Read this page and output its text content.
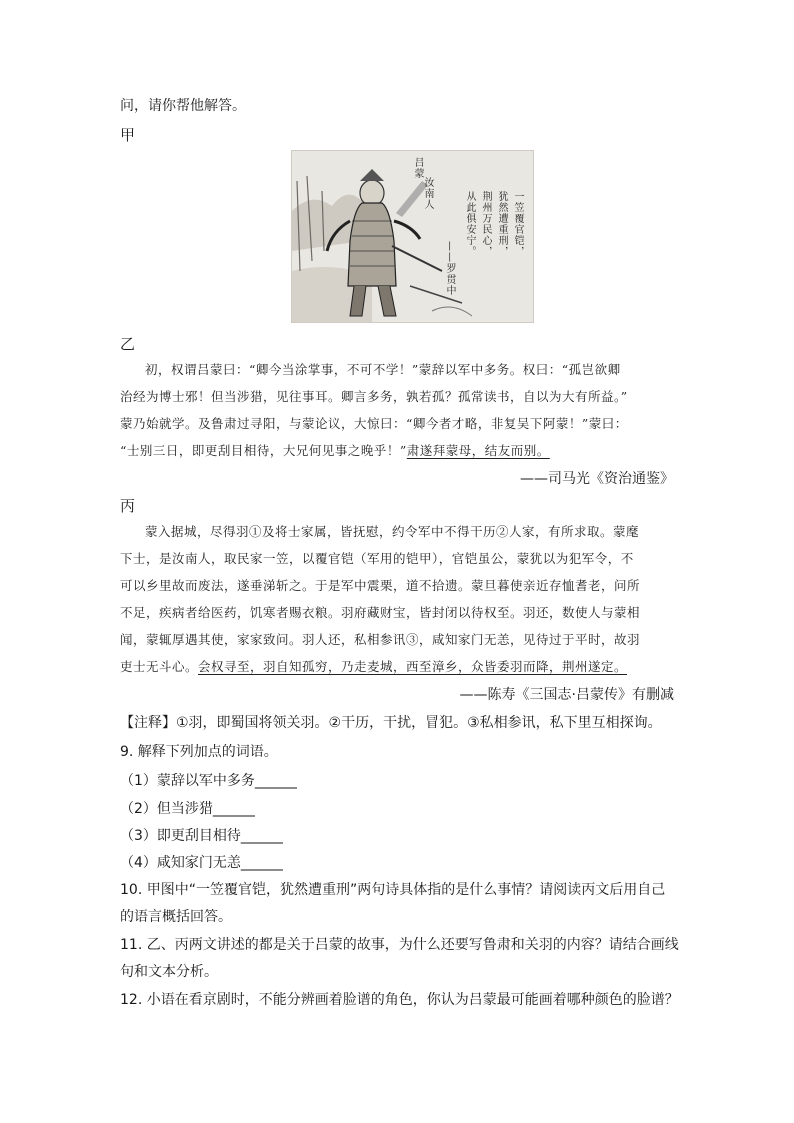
问，请你帮他解答。
甲
吕蒙
汝南人	一笠覆官铠，
犹然遭重刑，
荆州万民心，
从此俱安宁。
——罗贯中
乙
初，权谓吕蒙曰：“卿今当涂掌事，不可不学！”蒙辞以军中多务。权曰：“孤岂欲卿
治经为博士邪！但当涉猎，见往事耳。卿言多务，孰若孤？孤常读书，自以为大有所益。”
蒙乃始就学。及鲁肃过寻阳，与蒙论议，大惊曰：“卿今者才略，非复吴下阿蒙！”蒙曰：
“士别三日，即更刮目相待，大兄何见事之晚乎！”肃遂拜蒙母，结友而别。
——司马光《资治通鉴》
丙
蒙入据城，尽得羽①及将士家属，皆抚慰，约令军中不得干历②人家，有所求取。蒙麾
下士，是汝南人，取民家一笠，以覆官铠（军用的铠甲），官铠虽公，蒙犹以为犯军令，不
可以乡里故而废法，遂垂涕斩之。于是军中震栗，道不拾遗。蒙旦暮使亲近存恤耆老，问所
不足，疾病者给医药，饥寒者赐衣粮。羽府藏财宝，皆封闭以待权至。羽还，数使人与蒙相
闻，蒙辄厚遇其使，家家致问。羽人还，私相参讯③，咸知家门无恙，见待过于平时，故羽
吏士无斗心。会权寻至，羽自知孤穷，乃走麦城，西至漳乡，众皆委羽而降，荆州遂定。
——陈寿《三国志·吕蒙传》有删减
【注释】①羽，即蜀国将领关羽。②干历，干扰，冒犯。③私相参讯，私下里互相探询。
9. 解释下列加点的词语。
（1）蒙辞以军中多务______
（2）但当涉猎______
（3）即更刮目相待______
（4）咸知家门无恙______
10. 甲图中“一笠覆官铠，犹然遭重刑”两句诗具体指的是什么事情？请阅读丙文后用自己
的语言概括回答。
11. 乙、丙两文讲述的都是关于吕蒙的故事，为什么还要写鲁肃和关羽的内容？请结合画线
句和文本分析。
12. 小语在看京剧时，不能分辨画着脸谱的角色，你认为吕蒙最可能画着哪种颜色的脸谱？
